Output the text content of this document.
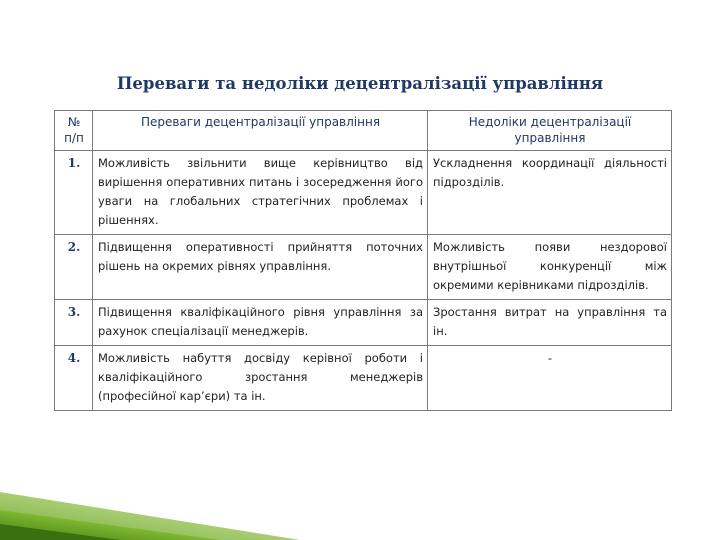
Переваги та недоліки децентралізації управління
№ п/п	Переваги децентралізації управління	Недоліки децентралізації управління
1.	Можливість звільнити вище керівництво від вирішення оперативних питань і зосередження його уваги на глобальних стратегічних проблемах і рішеннях.	Ускладнення координації діяльності підрозділів.
2.	Підвищення оперативності прийняття поточних рішень на окремих рівнях управління.	Можливість появи нездорової внутрішньої конкуренції між окремими керівниками підрозділів.
3.	Підвищення кваліфікаційного рівня управління за рахунок спеціалізації менеджерів.	Зростання витрат на управління та ін.
4.	Можливість набуття досвіду керівної роботи і кваліфікаційного зростання менеджерів (професійної кар’єри) та ін.	-
